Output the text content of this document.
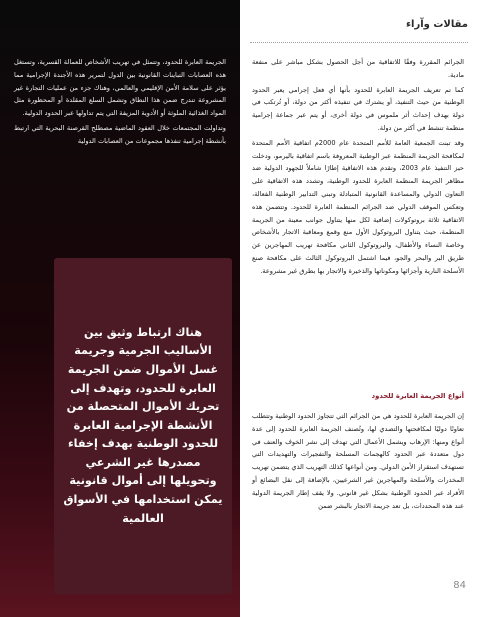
مقالات وآراء

الجرائم المقررة وفقًا للاتفاقية من أجل الحصول بشكل مباشر على منفعة مادية.

كما تم تعريف الجريمة العابرة للحدود بأنها أي فعل إجرامي يعبر الحدود الوطنية من حيث التنفيذ، أو يشترك في تنفيذه أكثر من دولة، أو تُرتكب في دولة بهدف إحداث أثر ملموس في دولة أخرى، أو يتم عبر جماعة إجرامية منظمة تنشط في أكثر من دولة.

وقد تبنت الجمعية العامة للأمم المتحدة عام 2000م اتفاقية الأمم المتحدة لمكافحة الجريمة المنظمة عبر الوطنية المعروفة باسم اتفاقية باليرمو، ودخلت حيز التنفيذ عام 2003، وتقدم هذه الاتفاقية إطارًا شاملاً للجهود الدولية ضد مظاهر الجريمة المنظمة العابرة للحدود الوطنية، وتشدد هذه الاتفاقية على التعاون الدولي والمساعدة القانونية المتبادلة وتبني التدابير الوطنية الفعالة، وتعكس الموقف الدولي ضد الجرائم المنظمة العابرة للحدود. وتتضمن هذه الاتفاقية ثلاثة بروتوكولات إضافية لكل منها يتناول جوانب معينة من الجريمة المنظمة، حيث يتناول البروتوكول الأول منع وقمع ومعاقبة الاتجار بالأشخاص وخاصة النساء والأطفال، والبروتوكول الثاني مكافحة تهريب المهاجرين عن طريق البر والبحر والجو، فيما اشتمل البروتوكول الثالث على مكافحة صنع الأسلحة النارية وأجزائها ومكوناتها والذخيرة والاتجار بها بطرق غير مشروعة.

أنواع الجريمة العابرة للحدود

إن الجريمة العابرة للحدود هي من الجرائم التي تتجاوز الحدود الوطنية وتتطلب تعاونًا دوليًا لمكافحتها والتصدي لها، وتُصنف الجريمة العابرة للحدود إلى عدة أنواع ومنها: الإرهاب ويشمل الأعمال التي تهدف إلى نشر الخوف والعنف في دول متعددة عبر الحدود كالهجمات المسلحة والتفجيرات والتهديدات التي تستهدف استقرار الأمن الدولي. ومن أنواعها كذلك التهريب الذي يتضمن تهريب المخدرات والأسلحة والمهاجرين غير الشرعيين، بالإضافة إلى نقل البضائع أو الأفراد عبر الحدود الوطنية بشكل غير قانوني. ولا يقف إطار الجريمة الدولية عند هذه المحددات، بل تعد جريمة الاتجار بالبشر ضمن

الجريمة العابرة للحدود، وتتمثل في تهريب الأشخاص للعمالة القسرية، وتستغل هذه العصابات التباينات القانونية بين الدول لتمرير هذه الأجندة الإجرامية مما يؤثر على سلامة الأمن الإقليمي والعالمي، وهناك جزء من عمليات التجارة غير المشروعة تندرج ضمن هذا النطاق وتشمل السلع المقلدة أو المحظورة مثل المواد الغذائية الملوثة أو الأدوية المزيفة التي يتم تداولها عبر الحدود الدولية.

وتداولت المجتمعات خلال العقود الماضية مصطلح القرصنة البحرية التي ارتبط بأنشطة إجرامية تنفذها مجموعات من العصابات الدولية

هناك ارتباط وثيق بين الأساليب الجرمية وجريمة غسل الأموال ضمن الجريمة العابرة للحدود، وتهدف إلى تحريك الأموال المتحصلة من الأنشطة الإجرامية العابرة للحدود الوطنية بهدف إخفاء مصدرها غير الشرعي وتحويلها إلى أموال قانونية يمكن استخدامها في الأسواق العالمية
84
